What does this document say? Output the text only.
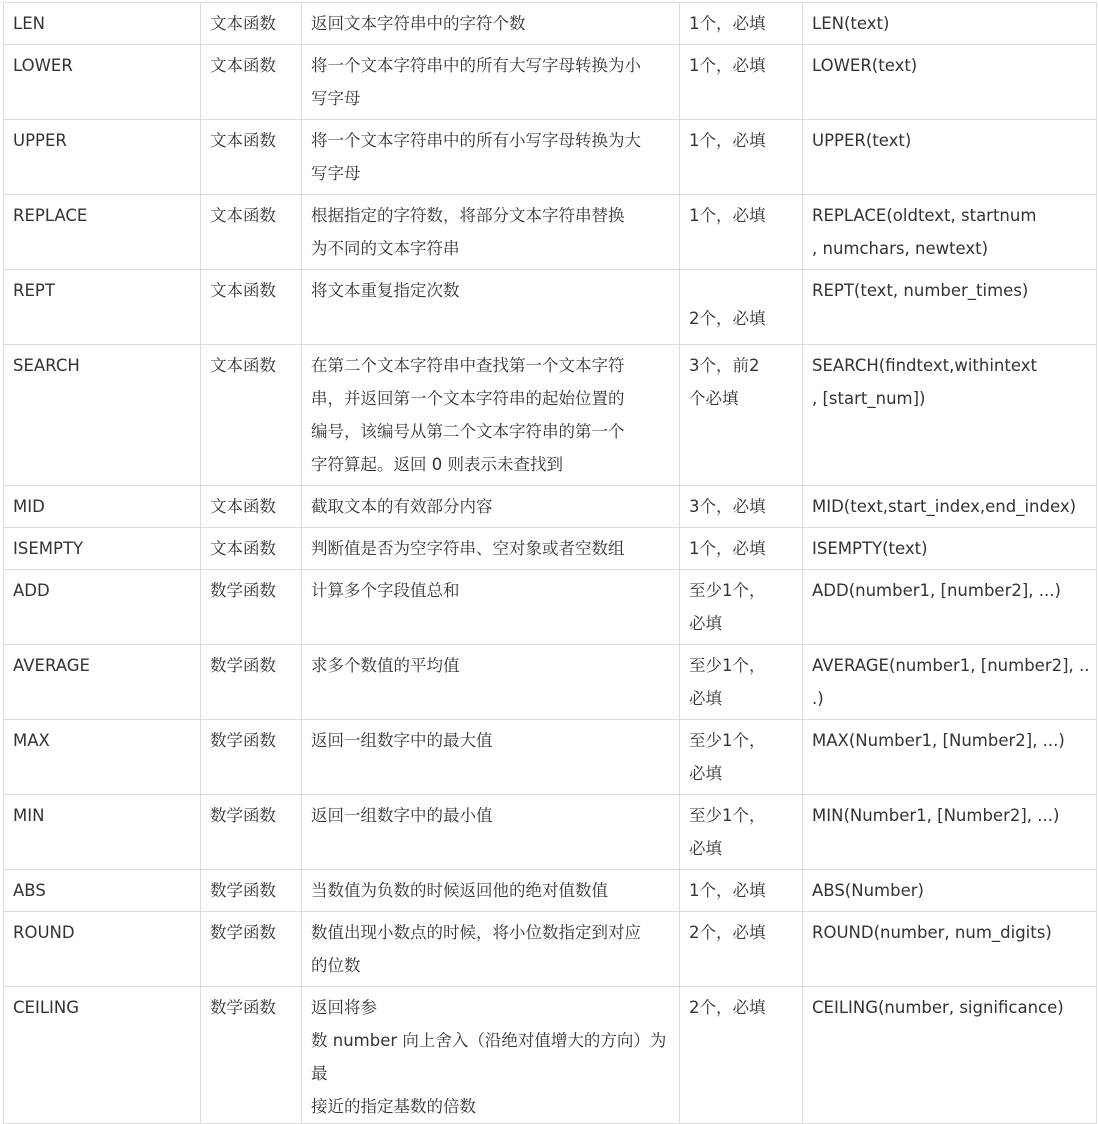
LEN	文本函数	返回文本字符串中的字符个数	1个，必填	LEN(text)

LOWER	文本函数	将一个文本字符串中的所有大写字母转换为小
写字母	1个，必填	LOWER(text)

UPPER	文本函数	将一个文本字符串中的所有小写字母转换为大
写字母	1个，必填	UPPER(text)

REPLACE	文本函数	根据指定的字符数，将部分文本字符串替换
为不同的文本字符串	1个，必填	REPLACE(oldtext, startnum
, numchars, newtext)

REPT	文本函数	将文本重复指定次数	2个，必填	REPT(text, number_times)

SEARCH	文本函数	在第二个文本字符串中查找第一个文本字符
串，并返回第一个文本字符串的起始位置的
编号，该编号从第二个文本字符串的第一个
字符算起。返回 0 则表示未查找到	3个，前2
个必填	SEARCH(findtext,withintext
, [start_num])

MID	文本函数	截取文本的有效部分内容	3个，必填	MID(text,start_index,end_index)

ISEMPTY	文本函数	判断值是否为空字符串、空对象或者空数组	1个，必填	ISEMPTY(text)

ADD	数学函数	计算多个字段值总和	至少1个，
必填	ADD(number1, [number2], ...)

AVERAGE	数学函数	求多个数值的平均值	至少1个，
必填	AVERAGE(number1, [number2], ..
.)

MAX	数学函数	返回一组数字中的最大值	至少1个，
必填	MAX(Number1, [Number2], ...)

MIN	数学函数	返回一组数字中的最小值	至少1个，
必填	MIN(Number1, [Number2], ...)

ABS	数学函数	当数值为负数的时候返回他的绝对值数值	1个，必填	ABS(Number)

ROUND	数学函数	数值出现小数点的时候，将小位数指定到对应
的位数	2个，必填	ROUND(number, num_digits)

CEILING	数学函数	返回将参
数 number 向上舍入（沿绝对值增大的方向）为最
接近的指定基数的倍数	2个，必填	CEILING(number, significance)
